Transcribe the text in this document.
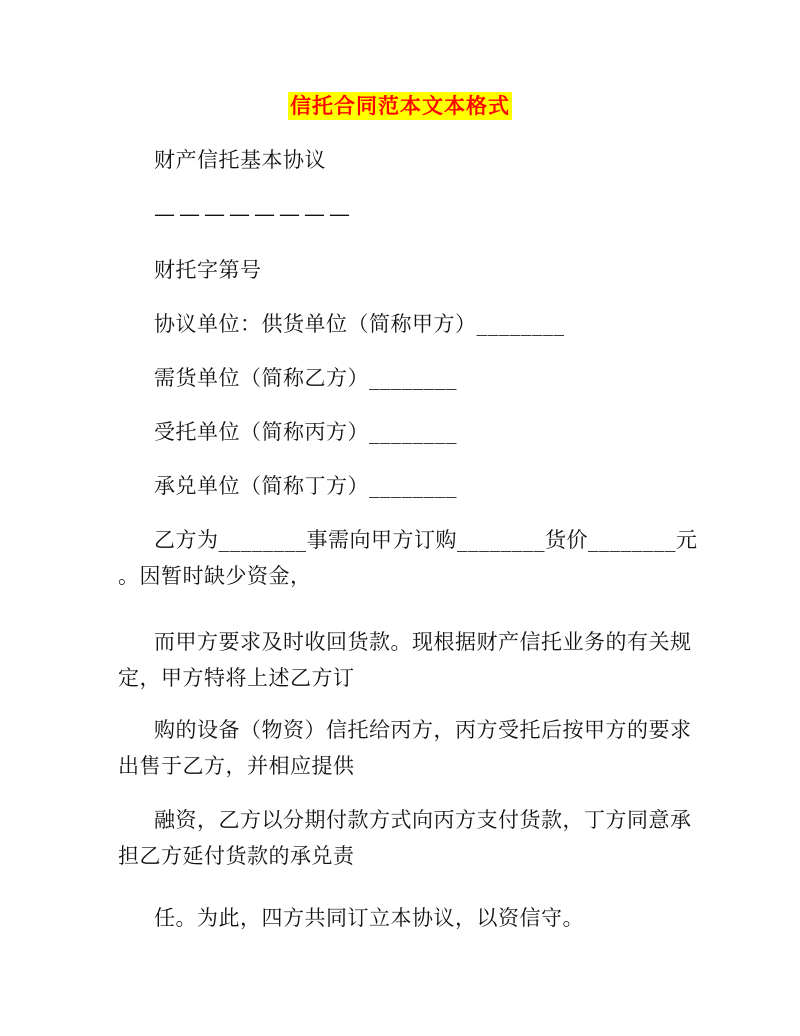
信托合同范本文本格式
财产信托基本协议
————————
财托字第号
协议单位：供货单位（简称甲方）________
需货单位（简称乙方）________
受托单位（简称丙方）________
承兑单位（简称丁方）________
乙方为________事需向甲方订购________货价________元
。因暂时缺少资金，
而甲方要求及时收回货款。现根据财产信托业务的有关规
定，甲方特将上述乙方订
购的设备（物资）信托给丙方，丙方受托后按甲方的要求
出售于乙方，并相应提供
融资，乙方以分期付款方式向丙方支付货款，丁方同意承
担乙方延付货款的承兑责
任。为此，四方共同订立本协议，以资信守。
